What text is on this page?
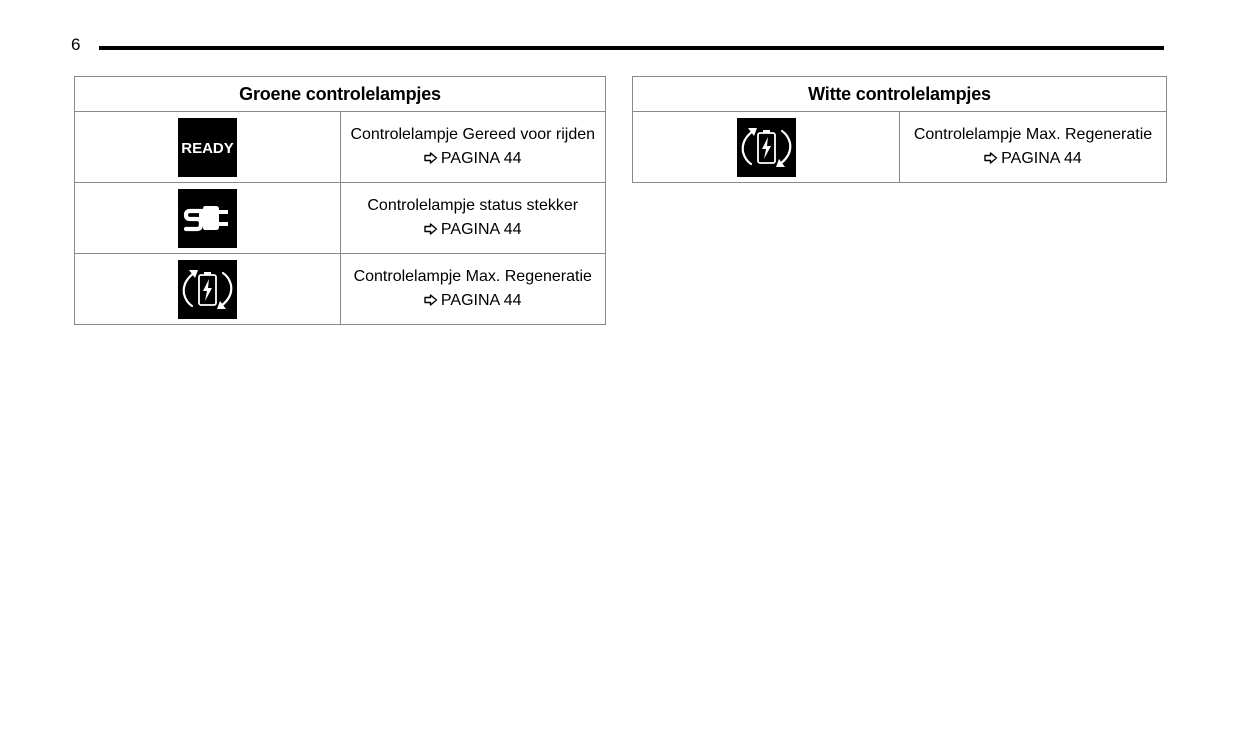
6
Groene controlelampjes	

READY	Controlelampje Gereed voor rijden
PAGINA 44

Controlelampje status stekker
PAGINA 44

Controlelampje Max. Regeneratie
PAGINA 44
Witte controlelampjes

Controlelampje Max. Regeneratie
PAGINA 44
